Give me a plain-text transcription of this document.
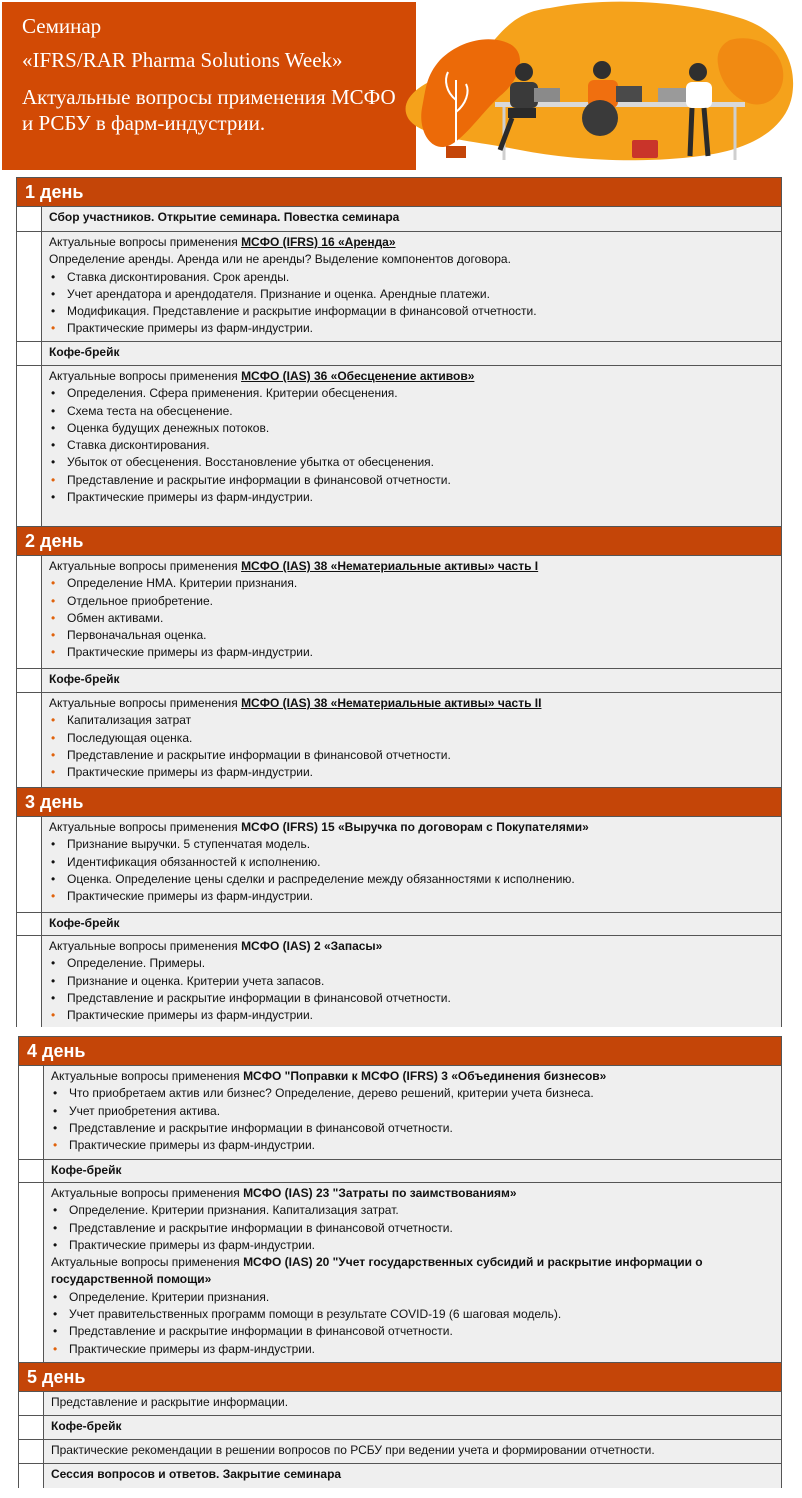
Семинар
«IFRS/RAR Pharma Solutions Week»
Актуальные вопросы применения МСФО и РСБУ в фарм-индустрии.
1 день
Сбор участников. Открытие семинара. Повестка семинара
Актуальные вопросы применения МСФО (IFRS) 16 «Аренда»
Определение аренды. Аренда или не аренды? Выделение компонентов договора.
• Ставка дисконтирования. Срок аренды.
• Учет арендатора и арендодателя. Признание и оценка. Арендные платежи.
• Модификация. Представление и раскрытие информации в финансовой отчетности.
• Практические примеры из фарм-индустрии.
Кофе-брейк
Актуальные вопросы применения МСФО (IAS) 36 «Обесценение активов»
• Определения. Сфера применения. Критерии обесценения.
• Схема теста на обесценение.
• Оценка будущих денежных потоков.
• Ставка дисконтирования.
• Убыток от обесценения. Восстановление убытка от обесценения.
• Представление и раскрытие информации в финансовой отчетности.
• Практические примеры из фарм-индустрии.
2 день
Актуальные вопросы применения МСФО (IAS) 38 «Нематериальные активы» часть I
• Определение НМА. Критерии признания.
• Отдельное приобретение.
• Обмен активами.
• Первоначальная оценка.
• Практические примеры из фарм-индустрии.
Кофе-брейк
Актуальные вопросы применения МСФО (IAS) 38 «Нематериальные активы» часть II
• Капитализация затрат
• Последующая оценка.
• Представление и раскрытие информации в финансовой отчетности.
• Практические примеры из фарм-индустрии.
3 день
Актуальные вопросы применения МСФО (IFRS) 15 «Выручка по договорам с Покупателями»
• Признание выручки. 5 ступенчатая модель.
• Идентификация обязанностей к исполнению.
• Оценка. Определение цены сделки и распределение между обязанностями к исполнению.
• Практические примеры из фарм-индустрии.
Кофе-брейк
Актуальные вопросы применения МСФО (IAS) 2 «Запасы»
• Определение. Примеры.
• Признание и оценка. Критерии учета запасов.
• Представление и раскрытие информации в финансовой отчетности.
• Практические примеры из фарм-индустрии.
4 день
Актуальные вопросы применения МСФО "Поправки к МСФО (IFRS) 3 «Объединения бизнесов»
• Что приобретаем актив или бизнес? Определение, дерево решений, критерии учета бизнеса.
• Учет приобретения актива.
• Представление и раскрытие информации в финансовой отчетности.
• Практические примеры из фарм-индустрии.
Кофе-брейк
Актуальные вопросы применения МСФО (IAS) 23 "Затраты по заимствованиям»
• Определение. Критерии признания. Капитализация затрат.
• Представление и раскрытие информации в финансовой отчетности.
• Практические примеры из фарм-индустрии.
Актуальные вопросы применения МСФО (IAS) 20 "Учет государственных субсидий и раскрытие информации о государственной помощи»
• Определение. Критерии признания.
• Учет правительственных программ помощи в результате COVID-19 (6 шаговая модель).
• Представление и раскрытие информации в финансовой отчетности.
• Практические примеры из фарм-индустрии.
5 день
Представление и раскрытие информации.
Кофе-брейк
Практические рекомендации в решении вопросов по РСБУ при ведении учета и формировании отчетности.
Сессия вопросов и ответов. Закрытие семинара
